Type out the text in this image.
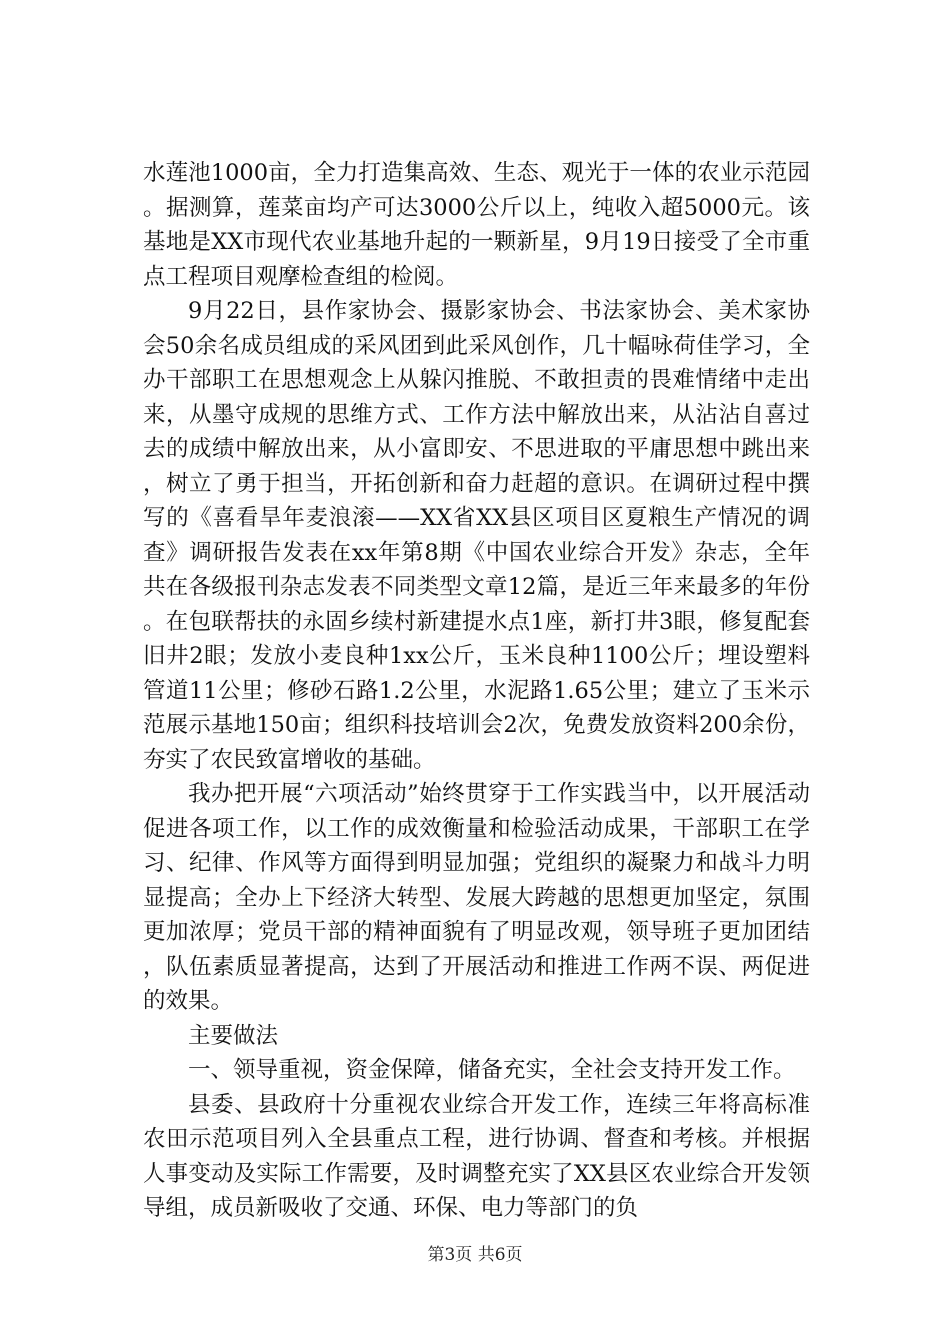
水莲池1000亩，全力打造集高效、生态、观光于一体的农业示范园。据测算，莲菜亩均产可达3000公斤以上，纯收入超5000元。该基地是XX市现代农业基地升起的一颗新星，9月19日接受了全市重点工程项目观摩检查组的检阅。

9月22日，县作家协会、摄影家协会、书法家协会、美术家协会50余名成员组成的采风团到此采风创作，几十幅咏荷佳学习，全办干部职工在思想观念上从躲闪推脱、不敢担责的畏难情绪中走出来，从墨守成规的思维方式、工作方法中解放出来，从沾沾自喜过去的成绩中解放出来，从小富即安、不思进取的平庸思想中跳出来，树立了勇于担当，开拓创新和奋力赶超的意识。在调研过程中撰写的《喜看旱年麦浪滚——XX省XX县区项目区夏粮生产情况的调查》调研报告发表在xx年第8期《中国农业综合开发》杂志，全年共在各级报刊杂志发表不同类型文章12篇，是近三年来最多的年份。在包联帮扶的永固乡续村新建提水点1座，新打井3眼，修复配套旧井2眼；发放小麦良种1xx公斤，玉米良种1100公斤；埋设塑料管道11公里；修砂石路1.2公里，水泥路1.65公里；建立了玉米示范展示基地150亩；组织科技培训会2次，免费发放资料200余份，夯实了农民致富增收的基础。

我办把开展“六项活动”始终贯穿于工作实践当中，以开展活动促进各项工作，以工作的成效衡量和检验活动成果，干部职工在学习、纪律、作风等方面得到明显加强；党组织的凝聚力和战斗力明显提高；全办上下经济大转型、发展大跨越的思想更加坚定，氛围更加浓厚；党员干部的精神面貌有了明显改观，领导班子更加团结，队伍素质显著提高，达到了开展活动和推进工作两不误、两促进的效果。

主要做法

一、领导重视，资金保障，储备充实，全社会支持开发工作。

县委、县政府十分重视农业综合开发工作，连续三年将高标准农田示范项目列入全县重点工程，进行协调、督查和考核。并根据人事变动及实际工作需要，及时调整充实了XX县区农业综合开发领导组，成员新吸收了交通、环保、电力等部门的负

第3页 共6页
